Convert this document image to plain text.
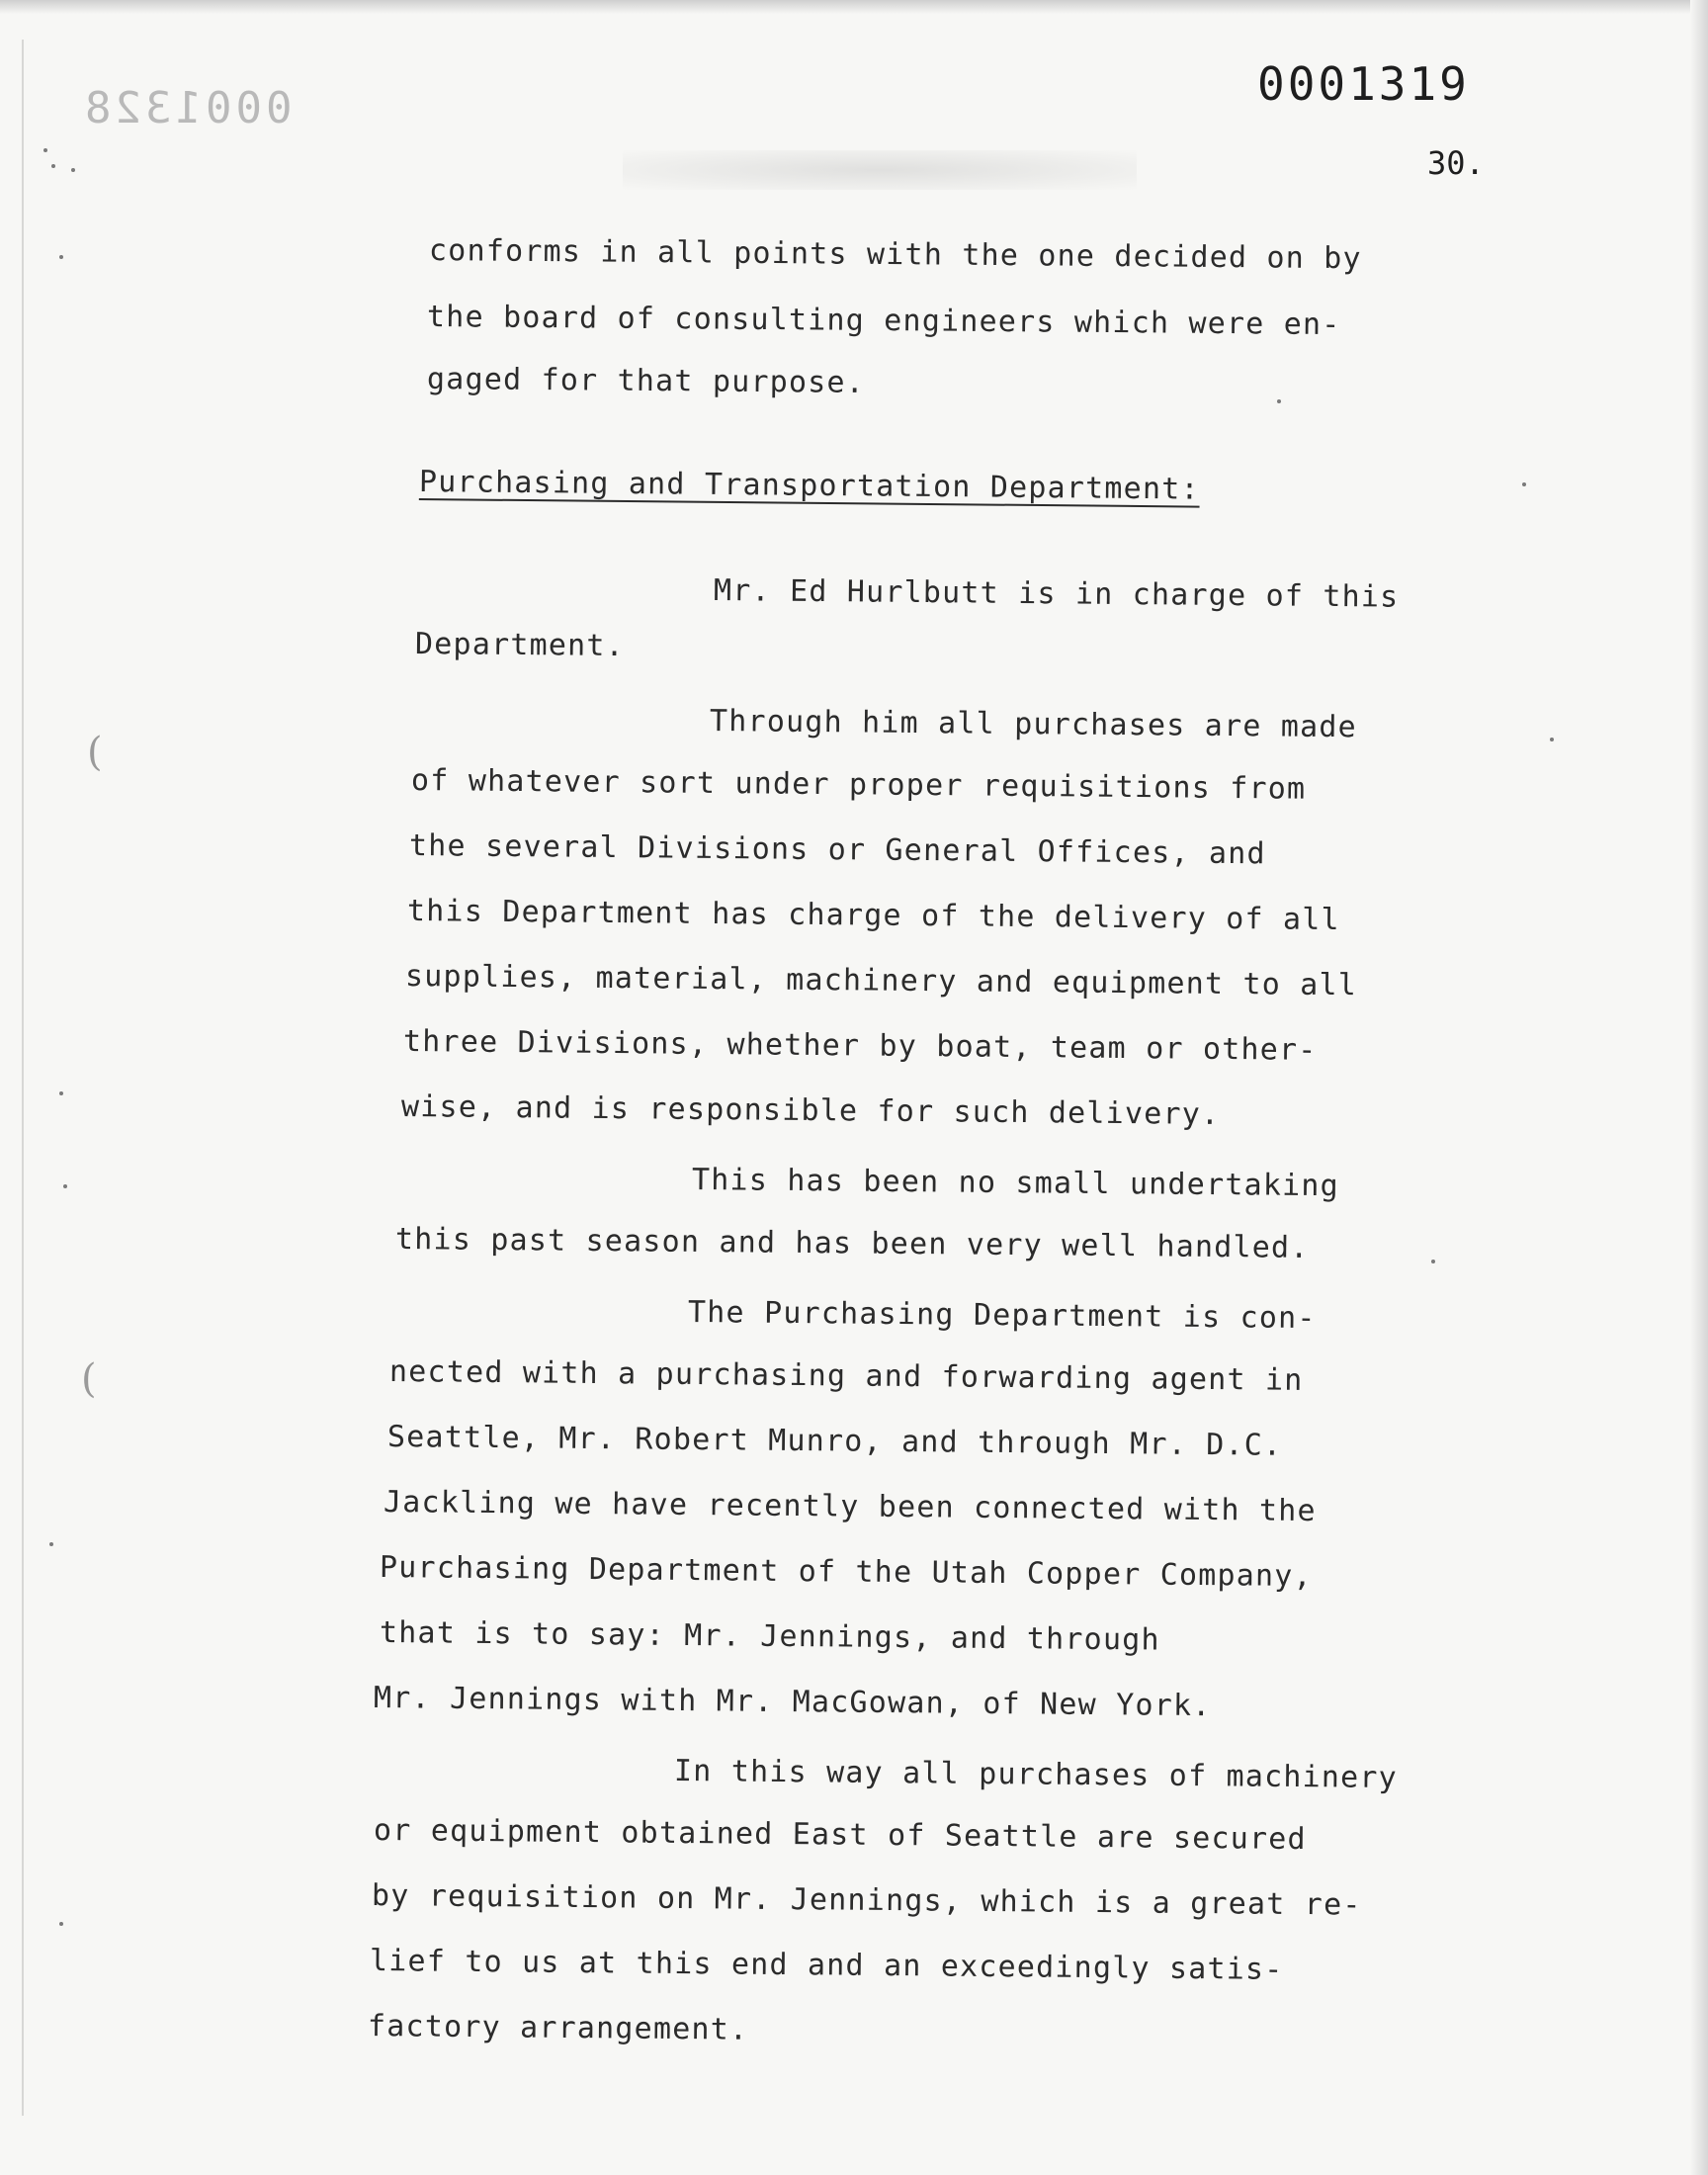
0001328	0001319
30.
(
(
conforms in all points with the one decided on by
the board of consulting engineers which were en-
gaged for that purpose.
Purchasing and Transportation Department:
Mr. Ed Hurlbutt is in charge of this
Department.
Through him all purchases are made
of whatever sort under proper requisitions from
the several Divisions or General Offices, and
this Department has charge of the delivery of all
supplies, material, machinery and equipment to all
three Divisions, whether by boat, team or other-
wise, and is responsible for such delivery.
This has been no small undertaking
this past season and has been very well handled.
The Purchasing Department is con-
nected with a purchasing and forwarding agent in
Seattle, Mr. Robert Munro, and through Mr. D.C.
Jackling we have recently been connected with the
Purchasing Department of the Utah Copper Company,
that is to say: Mr. Jennings, and through
Mr. Jennings with Mr. MacGowan, of New York.
In this way all purchases of machinery
or equipment obtained East of Seattle are secured
by requisition on Mr. Jennings, which is a great re-
lief to us at this end and an exceedingly satis-
factory arrangement.
